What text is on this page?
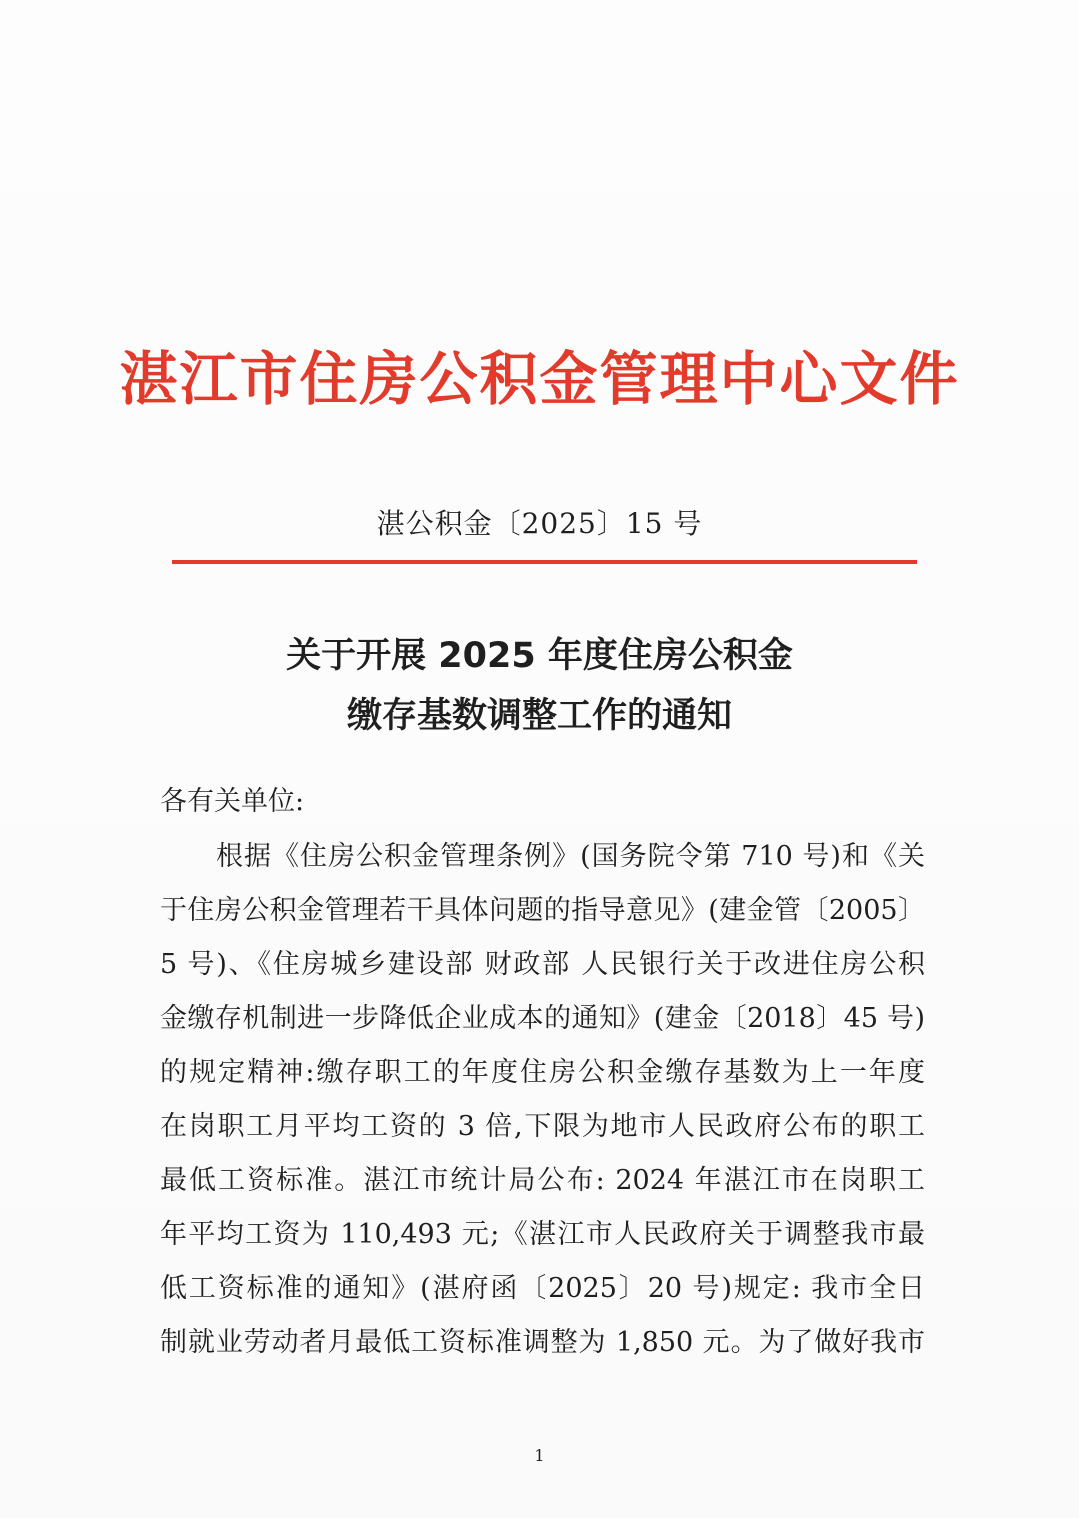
湛江市住房公积金管理中心文件
湛公积金〔2025〕15 号
关于开展 2025 年度住房公积金
缴存基数调整工作的通知
各有关单位:
根据《住房公积金管理条例》(国务院令第 710 号)和《关
于住房公积金管理若干具体问题的指导意见》(建金管〔2005〕
5 号)、《住房城乡建设部 财政部 人民银行关于改进住房公积
金缴存机制进一步降低企业成本的通知》(建金〔2018〕45 号)
的规定精神:缴存职工的年度住房公积金缴存基数为上一年度
在岗职工月平均工资的 3 倍,下限为地市人民政府公布的职工
最低工资标准。湛江市统计局公布: 2024 年湛江市在岗职工
年平均工资为 110,493 元;《湛江市人民政府关于调整我市最
低工资标准的通知》(湛府函〔2025〕20 号)规定: 我市全日
制就业劳动者月最低工资标准调整为 1,850 元。为了做好我市
1
